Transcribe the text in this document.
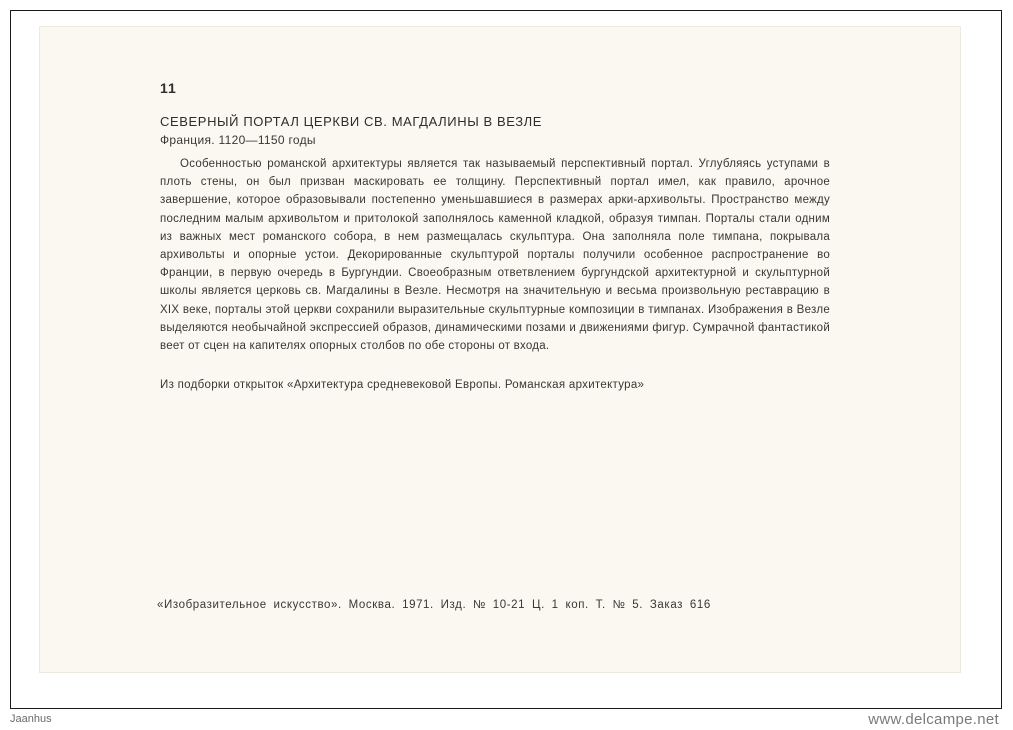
11
СЕВЕРНЫЙ ПОРТАЛ ЦЕРКВИ СВ. МАГДАЛИНЫ В ВЕЗЛЕ
Франция. 1120—1150 годы

Особенностью романской архитектуры является так называемый перспективный портал. Углубляясь уступами в плоть стены, он был призван маскировать ее толщину. Перспективный портал имел, как правило, арочное завершение, которое образовывали постепенно уменьшавшиеся в размерах арки-архивольты. Пространство между последним малым архивольтом и притолокой заполнялось каменной кладкой, образуя тимпан. Порталы стали одним из важных мест романского собора, в нем размещалась скульптура. Она заполняла поле тимпана, покрывала архивольты и опорные устои. Декорированные скульптурой порталы получили особенное распространение во Франции, в первую очередь в Бургундии. Своеобразным ответвлением бургундской архитектурной и скульптурной школы является церковь св. Магдалины в Везле. Несмотря на значительную и весьма произвольную реставрацию в XIX веке, порталы этой церкви сохранили выразительные скульптурные композиции в тимпанах. Изображения в Везле выделяются необычайной экспрессией образов, динамическими позами и движениями фигур. Сумрачной фантастикой веет от сцен на капителях опорных столбов по обе стороны от входа.

Из подборки открыток «Архитектура средневековой Европы. Романская архитектура»
«Изобразительное искусство». Москва. 1971. Изд. № 10-21 Ц. 1 коп. Т. № 5. Заказ 616
Jaanhus	www.delcampe.net
